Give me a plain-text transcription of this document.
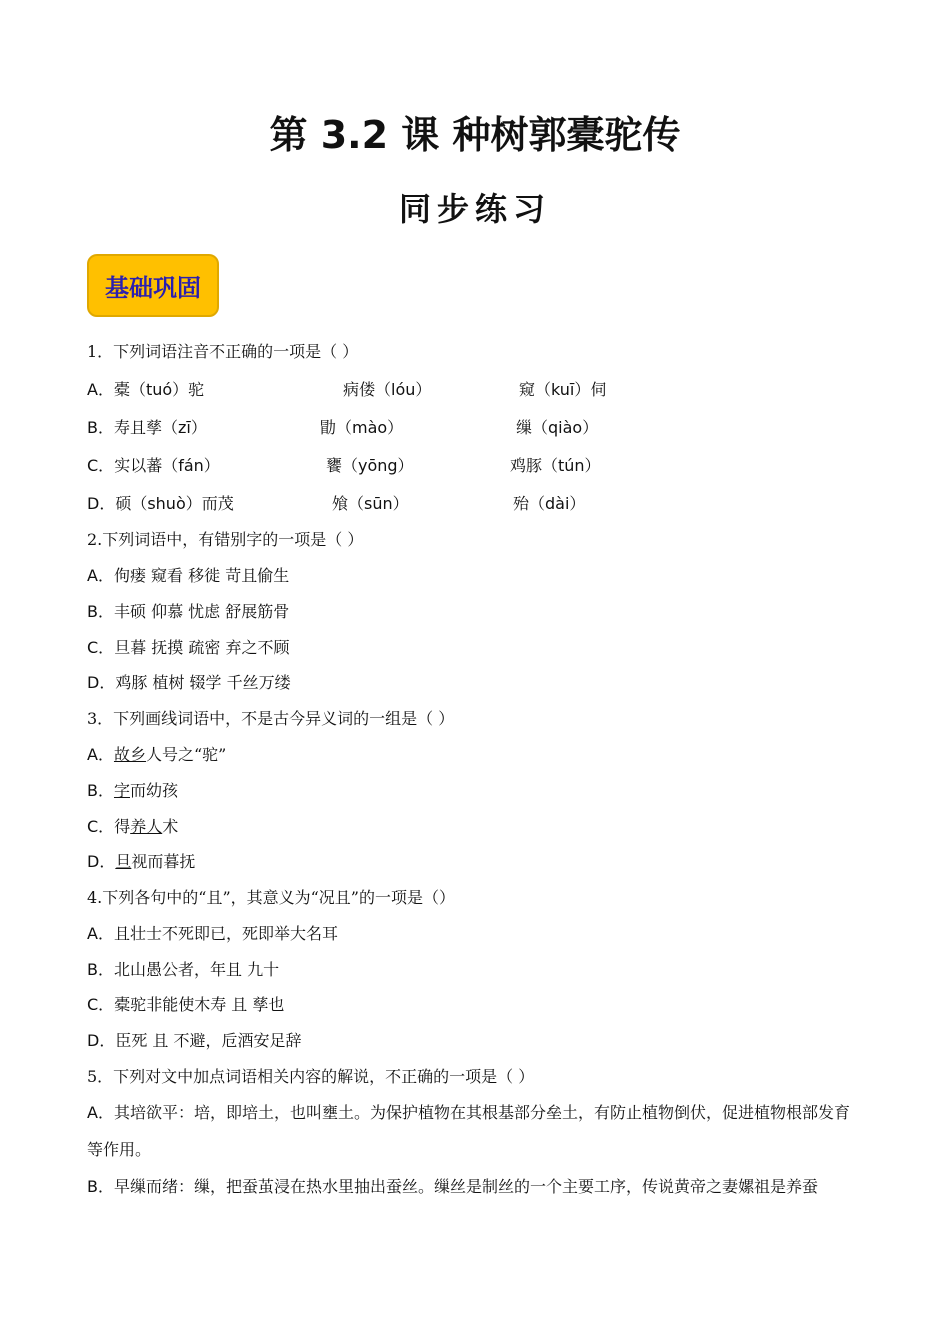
第 3.2 课 种树郭橐驼传
同步练习
基础巩固
1．下列词语注音不正确的一项是（ ）
A．橐（tuó）驼	病偻（lóu）	窥（kuī）伺
B．寿且孳（zī）	勖（mào）	缫（qiào）
C．实以蕃（fán）	饔（yōng）	鸡豚（tún）
D．硕（shuò）而茂	飧（sūn）	殆（dài）
2.下列词语中，有错别字的一项是（ ）
A．佝瘘 窥看 移徙 苛且偷生
B．丰硕 仰慕 忧虑 舒展筋骨
C．旦暮 抚摸 疏密 弃之不顾
D．鸡豚 植树 辍学 千丝万缕
3．下列画线词语中，不是古今异义词的一组是（ ）
A．故乡人号之“驼”
B．字而幼孩
C．得养人术
D．旦视而暮抚
4.下列各句中的“且”，其意义为“况且”的一项是（）
A．且壮士不死即已，死即举大名耳
B．北山愚公者，年且 九十
C．橐驼非能使木寿 且 孳也
D．臣死 且 不避，卮酒安足辞
5．下列对文中加点词语相关内容的解说，不正确的一项是（ ）
A．其培欲平：培，即培土，也叫壅土。为保护植物在其根基部分垒土，有防止植物倒伏，促进植物根部发育等作用。
B．早缫而绪：缫，把蚕茧浸在热水里抽出蚕丝。缫丝是制丝的一个主要工序，传说黄帝之妻嫘祖是养蚕
